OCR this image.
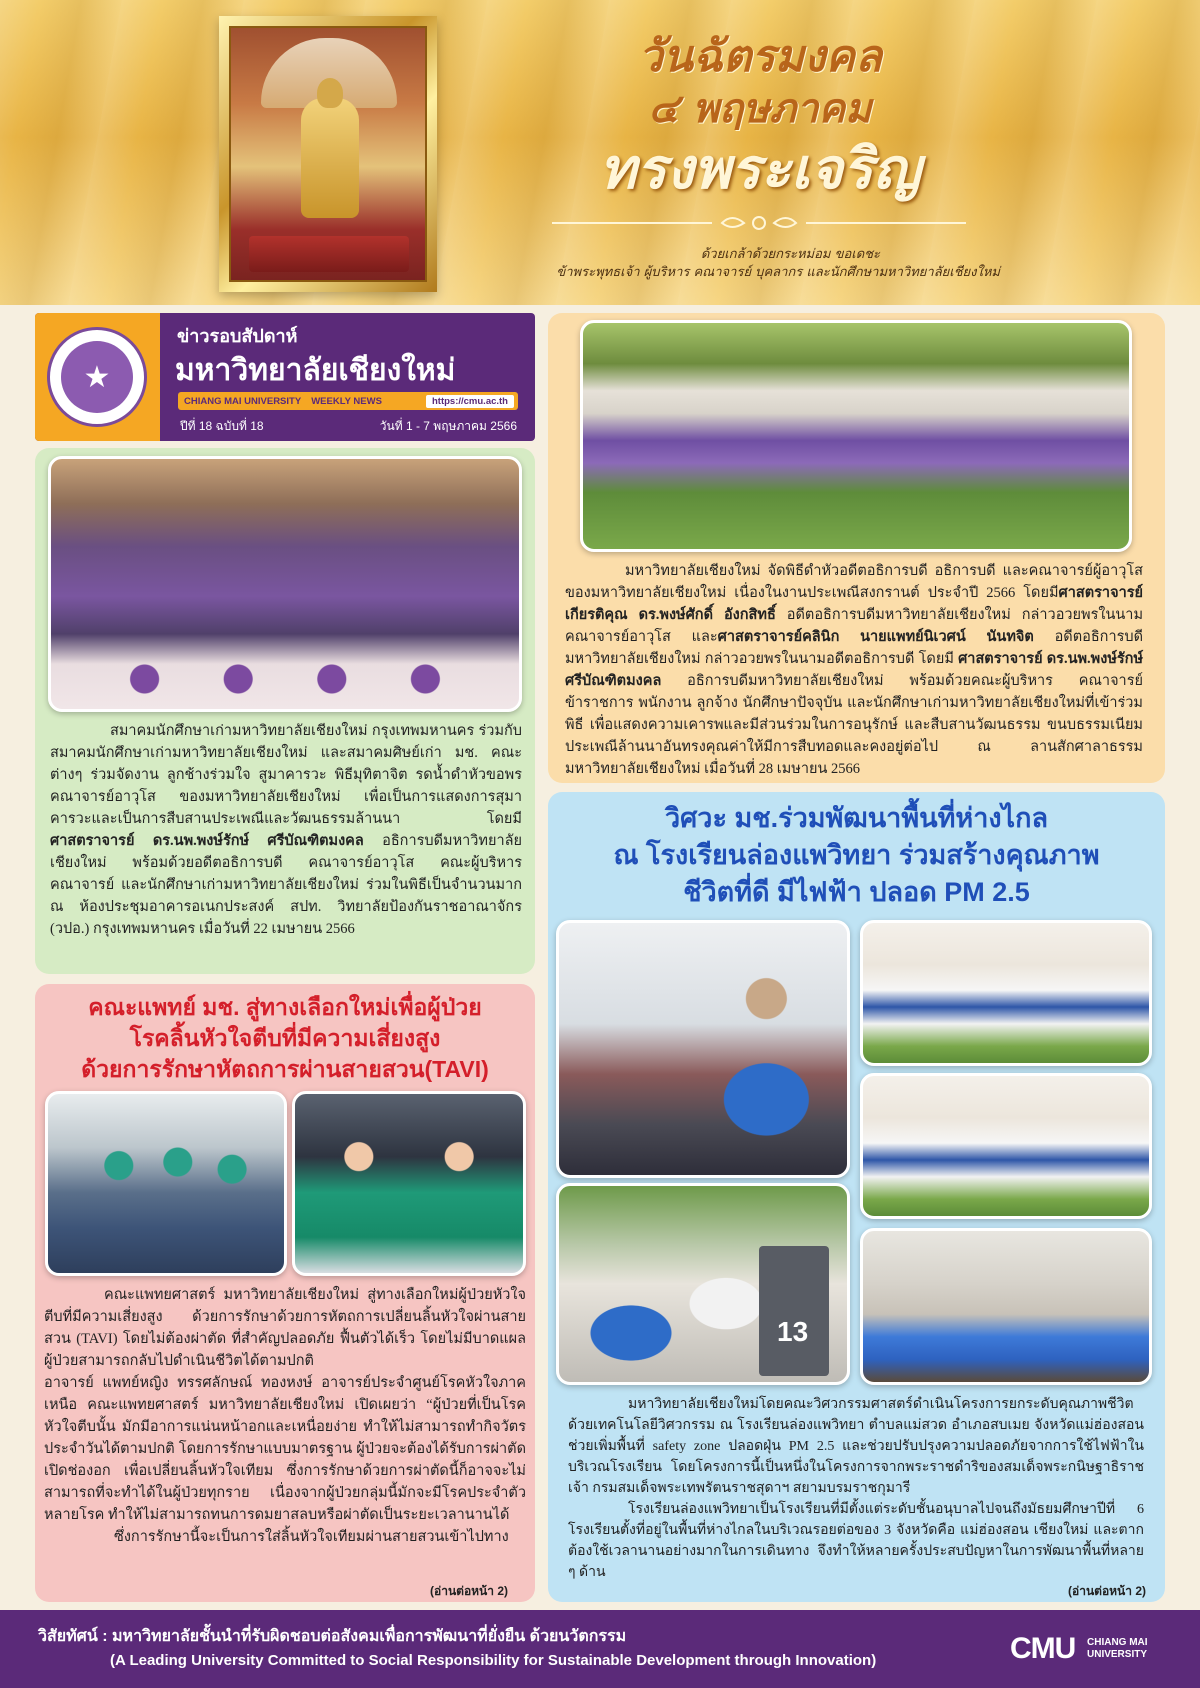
วันฉัตรมงคล
๔ พฤษภาคม
ทรงพระเจริญ
ด้วยเกล้าด้วยกระหม่อม ขอเดชะ
ข้าพระพุทธเจ้า ผู้บริหาร คณาจารย์ บุคลากร และนักศึกษามหาวิทยาลัยเชียงใหม่
★
ข่าวรอบสัปดาห์
มหาวิทยาลัยเชียงใหม่
CHIANG MAI UNIVERSITY WEEKLY NEWS	https://cmu.ac.th
ปีที่ 18 ฉบับที่ 18	วันที่ 1 - 7 พฤษภาคม 2566

สมาคมนักศึกษาเก่ามหาวิทยาลัยเชียงใหม่ กรุงเทพมหานคร ร่วมกับสมาคมนักศึกษาเก่ามหาวิทยาลัยเชียงใหม่ และสมาคมศิษย์เก่า มช. คณะต่างๆ ร่วมจัดงาน ลูกช้างร่วมใจ สูมาคารวะ พิธีมุทิตาจิต รดน้ำดำหัวขอพรคณาจารย์อาวุโส ของมหาวิทยาลัยเชียงใหม่ เพื่อเป็นการแสดงการสุมาคารวะและเป็นการสืบสานประเพณีและวัฒนธรรมล้านนา โดยมี ศาสตราจารย์ ดร.นพ.พงษ์รักษ์ ศรีบัณฑิตมงคล อธิการบดีมหาวิทยาลัยเชียงใหม่ พร้อมด้วยอดีตอธิการบดี คณาจารย์อาวุโส คณะผู้บริหาร คณาจารย์ และนักศึกษาเก่ามหาวิทยาลัยเชียงใหม่ ร่วมในพิธีเป็นจำนวนมาก ณ ห้องประชุมอาคารอเนกประสงค์ สปท. วิทยาลัยป้องกันราชอาณาจักร (วปอ.) กรุงเทพมหานคร เมื่อวันที่ 22 เมษายน 2566

มหาวิทยาลัยเชียงใหม่ จัดพิธีดำหัวอดีตอธิการบดี อธิการบดี และคณาจารย์ผู้อาวุโสของมหาวิทยาลัยเชียงใหม่ เนื่องในงานประเพณีสงกรานต์ ประจำปี 2566 โดยมีศาสตราจารย์เกียรติคุณ ดร.พงษ์ศักดิ์ อังกสิทธิ์ อดีตอธิการบดีมหาวิทยาลัยเชียงใหม่ กล่าวอวยพรในนามคณาจารย์อาวุโส และศาสตราจารย์คลินิก นายแพทย์นิเวศน์ นันทจิต อดีตอธิการบดีมหาวิทยาลัยเชียงใหม่ กล่าวอวยพรในนามอดีตอธิการบดี โดยมี ศาสตราจารย์ ดร.นพ.พงษ์รักษ์ ศรีบัณฑิตมงคล อธิการบดีมหาวิทยาลัยเชียงใหม่ พร้อมด้วยคณะผู้บริหาร คณาจารย์ ข้าราชการ พนักงาน ลูกจ้าง นักศึกษาปัจจุบัน และนักศึกษาเก่ามหาวิทยาลัยเชียงใหม่ที่เข้าร่วมพิธี เพื่อแสดงความเคารพและมีส่วนร่วมในการอนุรักษ์ และสืบสานวัฒนธรรม ขนบธรรมเนียมประเพณีล้านนาอันทรงคุณค่าให้มีการสืบทอดและคงอยู่ต่อไป ณ ลานสักศาลาธรรม มหาวิทยาลัยเชียงใหม่ เมื่อวันที่ 28 เมษายน 2566

คณะแพทย์ มช. สู่ทางเลือกใหม่เพื่อผู้ป่วย
โรคลิ้นหัวใจตีบที่มีความเสี่ยงสูง
ด้วยการรักษาหัตถการผ่านสายสวน(TAVI)

คณะแพทยศาสตร์ มหาวิทยาลัยเชียงใหม่ สู่ทางเลือกใหม่ผู้ป่วยหัวใจตีบที่มีความเสี่ยงสูง ด้วยการรักษาด้วยการหัตถการเปลี่ยนลิ้นหัวใจผ่านสายสวน (TAVI) โดยไม่ต้องผ่าตัด ที่สำคัญปลอดภัย ฟื้นตัวได้เร็ว โดยไม่มีบาดแผล ผู้ป่วยสามารถกลับไปดำเนินชีวิตได้ตามปกติ

อาจารย์ แพทย์หญิง ทรรศลักษณ์ ทองหงษ์ อาจารย์ประจำศูนย์โรคหัวใจภาคเหนือ คณะแพทยศาสตร์ มหาวิทยาลัยเชียงใหม่ เปิดเผยว่า “ผู้ป่วยที่เป็นโรคหัวใจตีบนั้น มักมีอาการแน่นหน้าอกและเหนื่อยง่าย ทำให้ไม่สามารถทำกิจวัตรประจำวันได้ตามปกติ โดยการรักษาแบบมาตรฐาน ผู้ป่วยจะต้องได้รับการผ่าตัดเปิดช่องอก เพื่อเปลี่ยนลิ้นหัวใจเทียม ซึ่งการรักษาด้วยการผ่าตัดนี้ก็อาจจะไม่สามารถที่จะทำได้ในผู้ป่วยทุกราย เนื่องจากผู้ป่วยกลุ่มนี้มักจะมีโรคประจำตัวหลายโรค ทำให้ไม่สามารถทนการดมยาสลบหรือผ่าตัดเป็นระยะเวลานานได้

ซึ่งการรักษานี้จะเป็นการใส่ลิ้นหัวใจเทียมผ่านสายสวนเข้าไปทาง

(อ่านต่อหน้า 2)
วิศวะ มช.ร่วมพัฒนาพื้นที่ห่างไกล
ณ โรงเรียนล่องแพวิทยา ร่วมสร้างคุณภาพ
ชีวิตที่ดี มีไฟฟ้า ปลอด PM 2.5
13

มหาวิทยาลัยเชียงใหม่โดยคณะวิศวกรรมศาสตร์ดำเนินโครงการยกระดับคุณภาพชีวิตด้วยเทคโนโลยีวิศวกรรม ณ โรงเรียนล่องแพวิทยา ตำบลแม่สวด อำเภอสบเมย จังหวัดแม่ฮ่องสอน ช่วยเพิ่มพื้นที่ safety zone ปลอดฝุ่น PM 2.5 และช่วยปรับปรุงความปลอดภัยจากการใช้ไฟฟ้าในบริเวณโรงเรียน โดยโครงการนี้เป็นหนึ่งในโครงการจากพระราชดำริของสมเด็จพระกนิษฐาธิราชเจ้า กรมสมเด็จพระเทพรัตนราชสุดาฯ สยามบรมราชกุมารี

โรงเรียนล่องแพวิทยาเป็นโรงเรียนที่มีตั้งแต่ระดับชั้นอนุบาลไปจนถึงมัธยมศึกษาปีที่ 6 โรงเรียนตั้งที่อยู่ในพื้นที่ห่างไกลในบริเวณรอยต่อของ 3 จังหวัดคือ แม่ฮ่องสอน เชียงใหม่ และตาก ต้องใช้เวลานานอย่างมากในการเดินทาง จึงทำให้หลายครั้งประสบปัญหาในการพัฒนาพื้นที่หลาย ๆ ด้าน

(อ่านต่อหน้า 2)
วิสัยทัศน์ : มหาวิทยาลัยชั้นนำที่รับผิดชอบต่อสังคมเพื่อการพัฒนาที่ยั่งยืน ด้วยนวัตกรรม
(A Leading University Committed to Social Responsibility for Sustainable Development through Innovation)	CMU CHIANG MAI
UNIVERSITY
